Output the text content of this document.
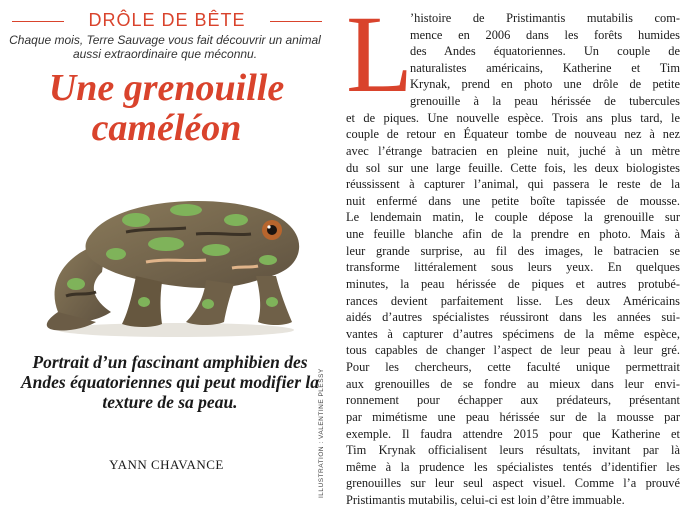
DRÔLE DE BÊTE
Chaque mois, Terre Sauvage vous fait découvrir un animal aussi extraordinaire que méconnu.
Une grenouille
caméléon
Portrait d’un fascinant amphibien des Andes équatoriennes qui peut modifier la texture de sa peau.
YANN CHAVANCE	ILLUSTRATION : VALENTINE PLESSY
L
’histoire de Pristimantis mutabilis com-
mence en 2006 dans les forêts humides
des Andes équatoriennes. Un couple de
naturalistes américains, Katherine et Tim
Krynak, prend en photo une drôle de petite
grenouille à la peau hérissée de tubercules
et de piques. Une nouvelle espèce. Trois ans plus tard, le
couple de retour en Équateur tombe de nouveau nez à nez
avec l’étrange batracien en pleine nuit, juché à un mètre
du sol sur une large feuille. Cette fois, les deux biologistes
réussissent à capturer l’animal, qui passera le reste de la
nuit enfermé dans une petite boîte tapissée de mousse.
Le lendemain matin, le couple dépose la grenouille sur
une feuille blanche afin de la prendre en photo. Mais à
leur grande surprise, au fil des images, le batracien se
transforme littéralement sous leurs yeux. En quelques
minutes, la peau hérissée de piques et autres protubé-
rances devient parfaitement lisse. Les deux Américains
aidés d’autres spécialistes réussiront dans les années sui-
vantes à capturer d’autres spécimens de la même espèce,
tous capables de changer l’aspect de leur peau à leur gré.
Pour les chercheurs, cette faculté unique permettrait
aux grenouilles de se fondre au mieux dans leur envi-
ronnement pour échapper aux prédateurs, présentant
par mimétisme une peau hérissée sur de la mousse par
exemple. Il faudra attendre 2015 pour que Katherine et
Tim Krynak officialisent leurs résultats, invitant par là
même à la prudence les spécialistes tentés d’identifier les
grenouilles sur leur seul aspect visuel. Comme l’a prouvé
Pristimantis mutabilis, celui-ci est loin d’être immuable.
